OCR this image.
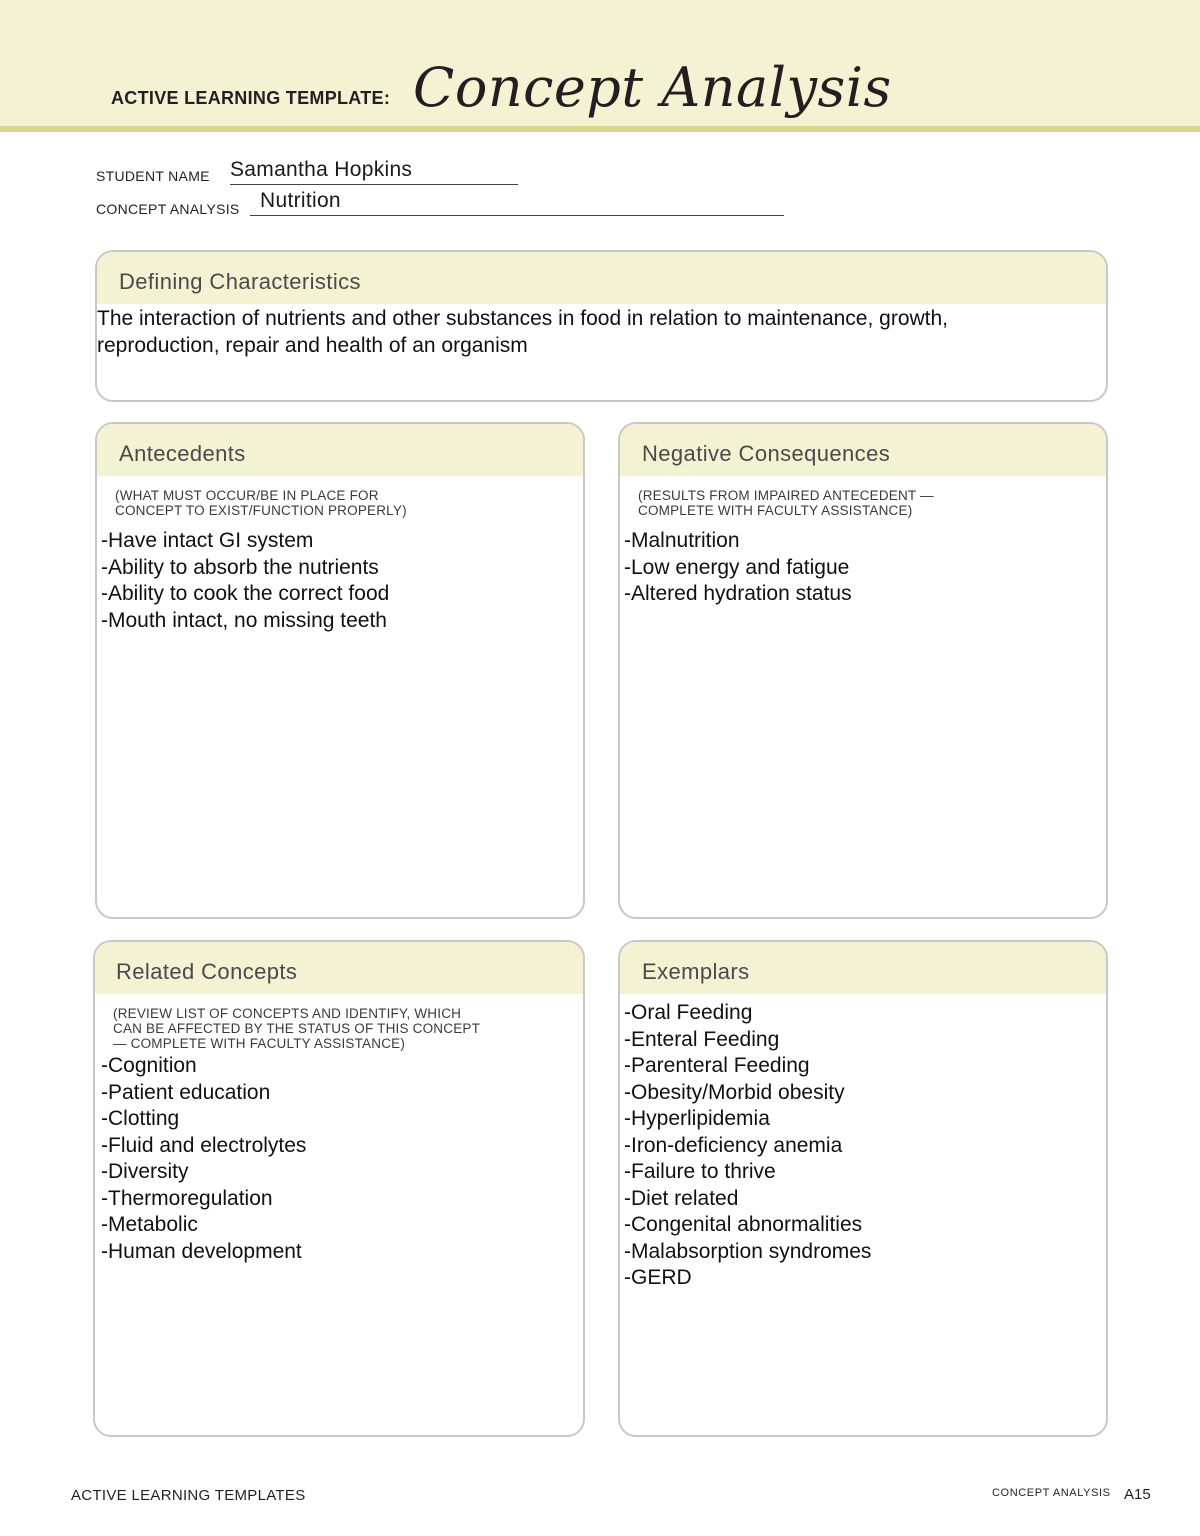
ACTIVE LEARNING TEMPLATE: Concept Analysis
STUDENT NAME Samantha Hopkins
CONCEPT ANALYSIS Nutrition
Defining Characteristics
The interaction of nutrients and other substances in food in relation to maintenance, growth,
reproduction, repair and health of an organism
Antecedents
(WHAT MUST OCCUR/BE IN PLACE FOR
CONCEPT TO EXIST/FUNCTION PROPERLY)
-Have intact GI system
-Ability to absorb the nutrients
-Ability to cook the correct food
-Mouth intact, no missing teeth
Negative Consequences
(RESULTS FROM IMPAIRED ANTECEDENT —
COMPLETE WITH FACULTY ASSISTANCE)
-Malnutrition
-Low energy and fatigue
-Altered hydration status
Related Concepts
(REVIEW LIST OF CONCEPTS AND IDENTIFY, WHICH
CAN BE AFFECTED BY THE STATUS OF THIS CONCEPT
— COMPLETE WITH FACULTY ASSISTANCE)
-Cognition
-Patient education
-Clotting
-Fluid and electrolytes
-Diversity
-Thermoregulation
-Metabolic
-Human development
Exemplars
-Oral Feeding
-Enteral Feeding
-Parenteral Feeding
-Obesity/Morbid obesity
-Hyperlipidemia
-Iron-deficiency anemia
-Failure to thrive
-Diet related
-Congenital abnormalities
-Malabsorption syndromes
-GERD
ACTIVE LEARNING TEMPLATES	CONCEPT ANALYSIS A15
